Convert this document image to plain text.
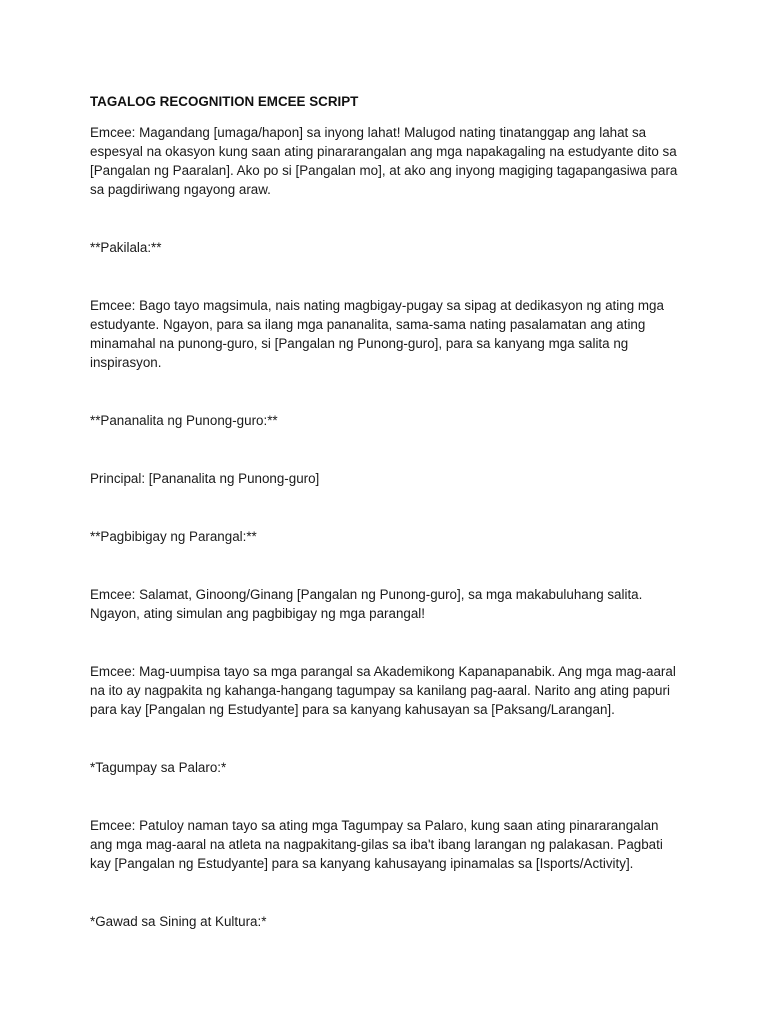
TAGALOG RECOGNITION EMCEE SCRIPT

Emcee: Magandang [umaga/hapon] sa inyong lahat! Malugod nating tinatanggap ang lahat sa espesyal na okasyon kung saan ating pinararangalan ang mga napakagaling na estudyante dito sa [Pangalan ng Paaralan]. Ako po si [Pangalan mo], at ako ang inyong magiging tagapangasiwa para sa pagdiriwang ngayong araw.

**Pakilala:**

Emcee: Bago tayo magsimula, nais nating magbigay-pugay sa sipag at dedikasyon ng ating mga estudyante. Ngayon, para sa ilang mga pananalita, sama-sama nating pasalamatan ang ating minamahal na punong-guro, si [Pangalan ng Punong-guro], para sa kanyang mga salita ng inspirasyon.

**Pananalita ng Punong-guro:**

Principal: [Pananalita ng Punong-guro]

**Pagbibigay ng Parangal:**

Emcee: Salamat, Ginoong/Ginang [Pangalan ng Punong-guro], sa mga makabuluhang salita. Ngayon, ating simulan ang pagbibigay ng mga parangal!

Emcee: Mag-uumpisa tayo sa mga parangal sa Akademikong Kapanapanabik. Ang mga mag-aaral na ito ay nagpakita ng kahanga-hangang tagumpay sa kanilang pag-aaral. Narito ang ating papuri para kay [Pangalan ng Estudyante] para sa kanyang kahusayan sa [Paksang/Larangan].

*Tagumpay sa Palaro:*

Emcee: Patuloy naman tayo sa ating mga Tagumpay sa Palaro, kung saan ating pinararangalan ang mga mag-aaral na atleta na nagpakitang-gilas sa iba't ibang larangan ng palakasan. Pagbati kay [Pangalan ng Estudyante] para sa kanyang kahusayang ipinamalas sa [Isports/Activity].

*Gawad sa Sining at Kultura:*
